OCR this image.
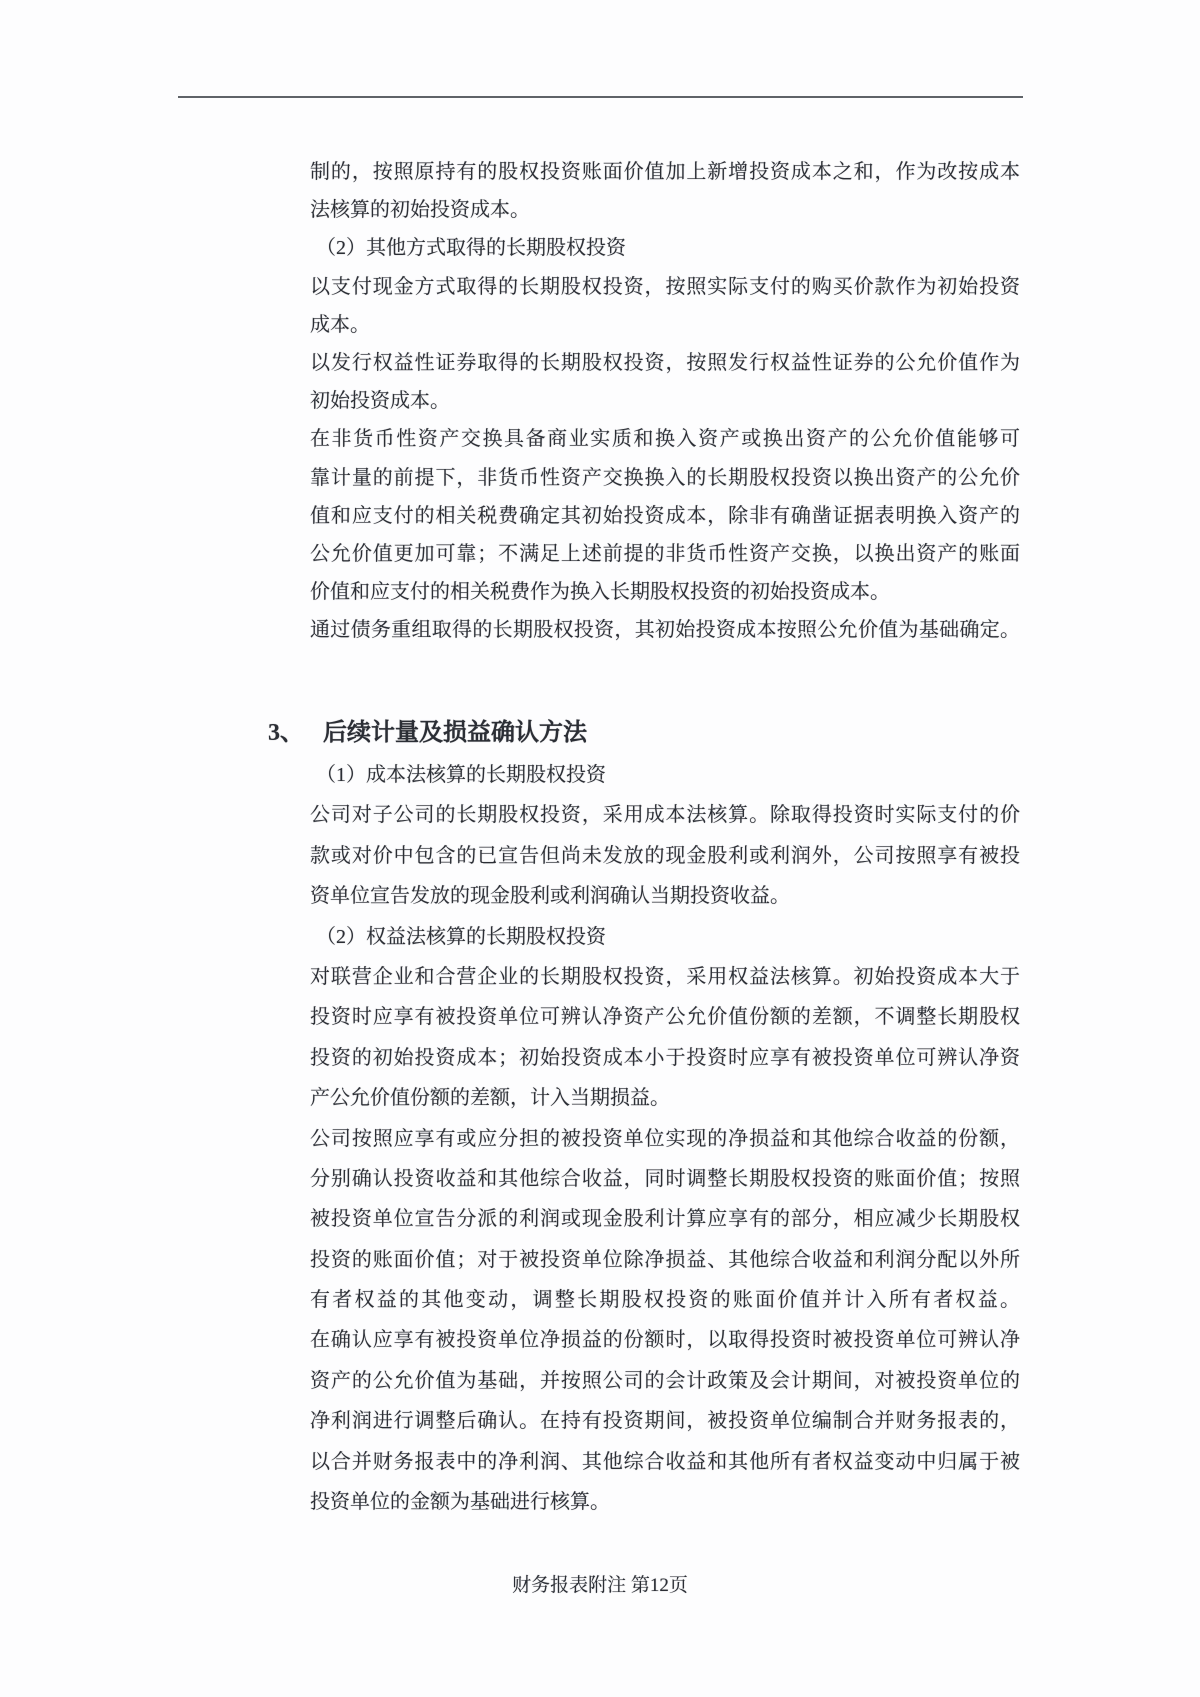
制的，按照原持有的股权投资账面价值加上新增投资成本之和，作为改按成本
法核算的初始投资成本。
（2）其他方式取得的长期股权投资
以支付现金方式取得的长期股权投资，按照实际支付的购买价款作为初始投资
成本。
以发行权益性证券取得的长期股权投资，按照发行权益性证券的公允价值作为
初始投资成本。
在非货币性资产交换具备商业实质和换入资产或换出资产的公允价值能够可
靠计量的前提下，非货币性资产交换换入的长期股权投资以换出资产的公允价
值和应支付的相关税费确定其初始投资成本，除非有确凿证据表明换入资产的
公允价值更加可靠；不满足上述前提的非货币性资产交换，以换出资产的账面
价值和应支付的相关税费作为换入长期股权投资的初始投资成本。
通过债务重组取得的长期股权投资，其初始投资成本按照公允价值为基础确定。
3、 后续计量及损益确认方法
（1）成本法核算的长期股权投资
公司对子公司的长期股权投资，采用成本法核算。除取得投资时实际支付的价
款或对价中包含的已宣告但尚未发放的现金股利或利润外，公司按照享有被投
资单位宣告发放的现金股利或利润确认当期投资收益。
（2）权益法核算的长期股权投资
对联营企业和合营企业的长期股权投资，采用权益法核算。初始投资成本大于
投资时应享有被投资单位可辨认净资产公允价值份额的差额，不调整长期股权
投资的初始投资成本；初始投资成本小于投资时应享有被投资单位可辨认净资
产公允价值份额的差额，计入当期损益。
公司按照应享有或应分担的被投资单位实现的净损益和其他综合收益的份额，
分别确认投资收益和其他综合收益，同时调整长期股权投资的账面价值；按照
被投资单位宣告分派的利润或现金股利计算应享有的部分，相应减少长期股权
投资的账面价值；对于被投资单位除净损益、其他综合收益和利润分配以外所
有者权益的其他变动，调整长期股权投资的账面价值并计入所有者权益。
在确认应享有被投资单位净损益的份额时，以取得投资时被投资单位可辨认净
资产的公允价值为基础，并按照公司的会计政策及会计期间，对被投资单位的
净利润进行调整后确认。在持有投资期间，被投资单位编制合并财务报表的，
以合并财务报表中的净利润、其他综合收益和其他所有者权益变动中归属于被
投资单位的金额为基础进行核算。
财务报表附注 第12页
